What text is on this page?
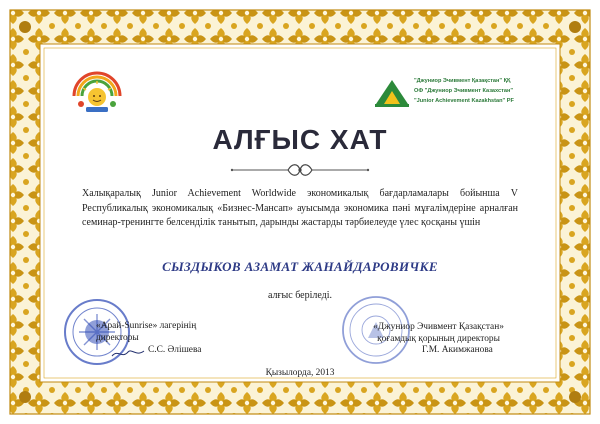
"Джуниор Эчивмент Қазақстан" ҚҚ
ОФ "Джуниор Эчивмент Казахстан"
"Junior Achievement Kazakhstan" PF
АЛҒЫС ХАТ
Халықаралық Junior Achievement Worldwide экономикалық бағдарламалары бойынша V Республикалық экономикалық «Бизнес-Мансап» ауысымда экономика пәні мұғалімдеріне арналған семинар-тренингте белсенділік танытып, дарынды жастарды тәрбиелеуде үлес қосқаны үшін
СЫЗДЫКОВ АЗАМАТ ЖАНАЙДАРОВИЧКЕ
алғыс беріледі.
«Арай-Sunrise» лагерінің
директоры
С.С. Әлішева
«Джуниор Эчивмент Қазақстан»
қоғамдық қорының директоры
Г.М. Акимжанова
Қызылорда, 2013
